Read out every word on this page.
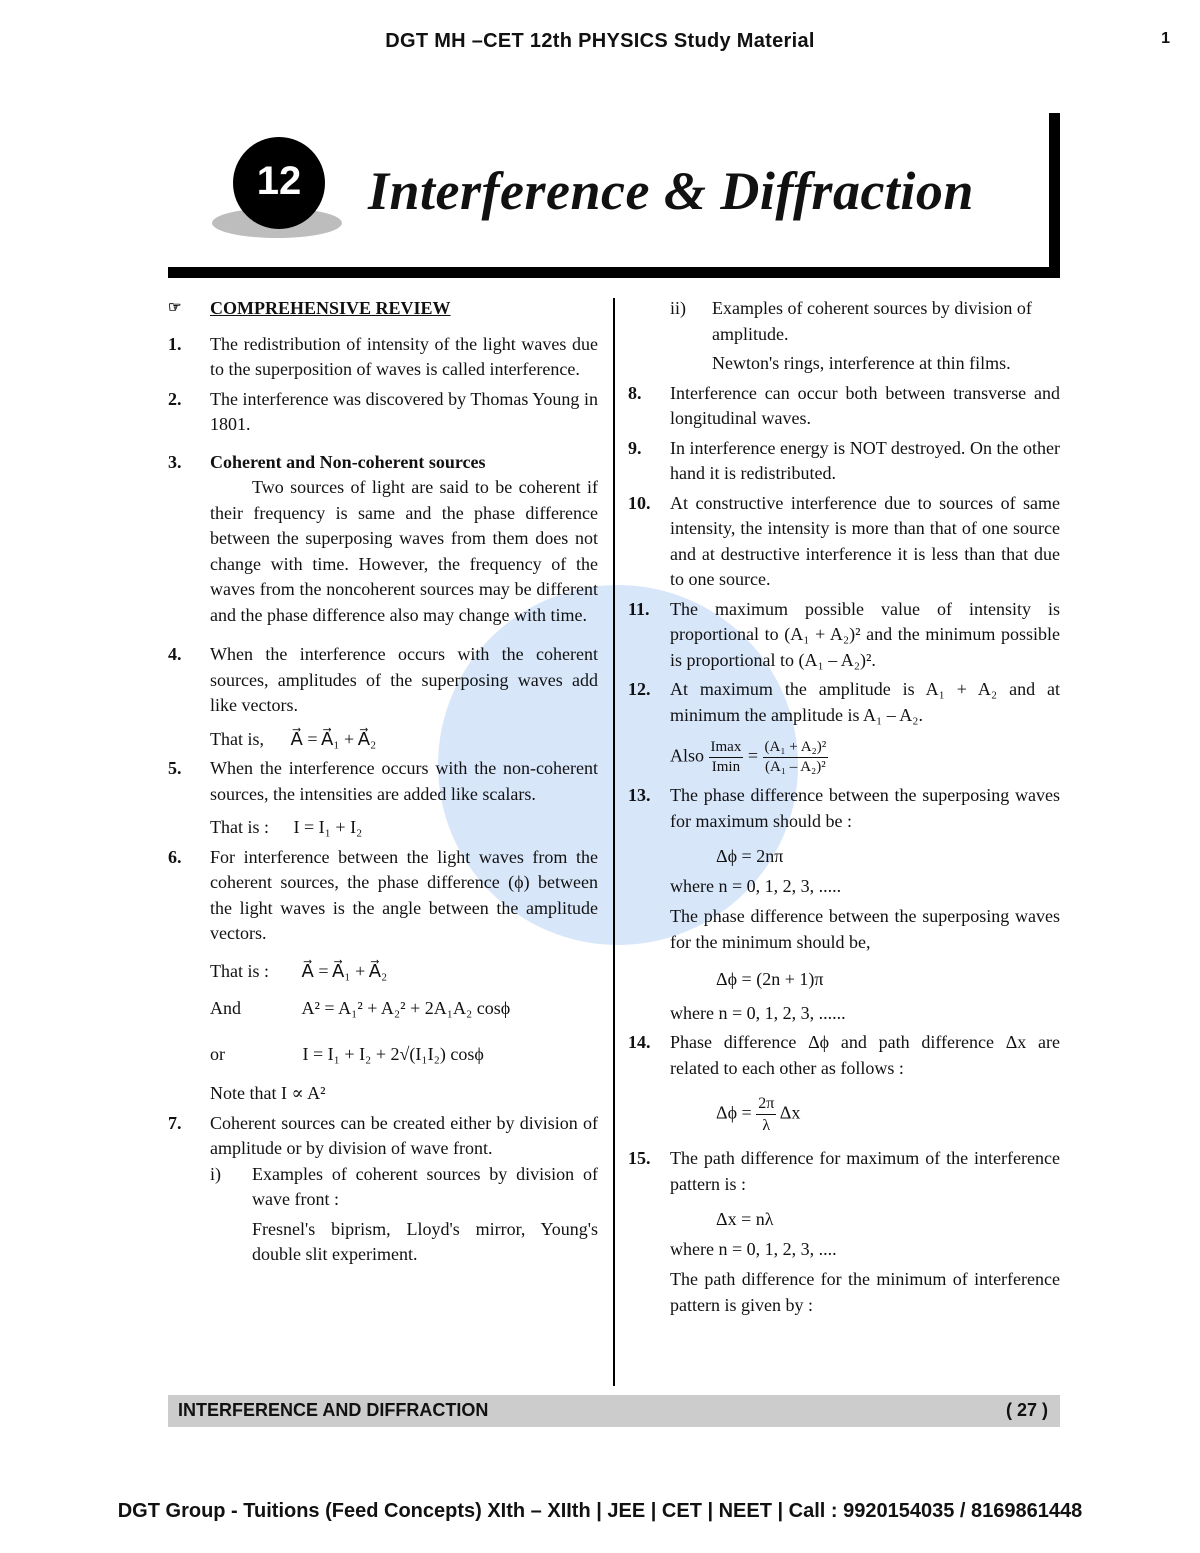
DGT MH –CET 12th PHYSICS Study Material	1
12	Interference & Diffraction
☞ COMPREHENSIVE REVIEW
1. The redistribution of intensity of the light waves due to the superposition of waves is called interference.
2. The interference was discovered by Thomas Young in 1801.
3. Coherent and Non-coherent sources
Two sources of light are said to be coherent if their frequency is same and the phase difference between the superposing waves from them does not change with time. However, the frequency of the waves from the noncoherent sources may be different and the phase difference also may change with time.
4. When the interference occurs with the coherent sources, amplitudes of the superposing waves add like vectors.
That is, A⃗ = A⃗₁ + A⃗₂
5. When the interference occurs with the non-coherent sources, the intensities are added like scalars.
That is : I = I₁ + I₂
6. For interference between the light waves from the coherent sources, the phase difference (ϕ) between the light waves is the angle between the amplitude vectors.
That is : A⃗ = A⃗₁ + A⃗₂
And	A² = A₁² + A₂² + 2A₁A₂ cosϕ
or	I = I₁ + I₂ + 2√(I₁I₂) cosϕ
Note that I ∝ A²
7. Coherent sources can be created either by division of amplitude or by division of wave front.
i) Examples of coherent sources by division of wave front :
Fresnel's biprism, Lloyd's mirror, Young's double slit experiment.
ii) Examples of coherent sources by division of amplitude.
Newton's rings, interference at thin films.
8. Interference can occur both between transverse and longitudinal waves.
9. In interference energy is NOT destroyed. On the other hand it is redistributed.
10. At constructive interference due to sources of same intensity, the intensity is more than that of one source and at destructive interference it is less than that due to one source.
11. The maximum possible value of intensity is proportional to (A₁ + A₂)² and the minimum possible is proportional to (A₁ – A₂)².
12. At maximum the amplitude is A₁ + A₂ and at minimum the amplitude is A₁ – A₂.
Also $\frac{Imax}{Imin} = \frac{\text{(A₁ + A₂)²}}{\text{(A₁ – A₂)²}}$
13. The phase difference between the superposing waves for maximum should be :
Δϕ = 2nπ
where n = 0, 1, 2, 3, .....
The phase difference between the superposing waves for the minimum should be,
Δϕ = (2n + 1)π
where n = 0, 1, 2, 3, ......
14. Phase difference Δϕ and path difference Δx are related to each other as follows :
$\Delta\phi = \frac{2\pi}{\lambda}$ Δx
15. The path difference for maximum of the interference pattern is :
Δx = nλ
where n = 0, 1, 2, 3, ....
The path difference for the minimum of interference pattern is given by :
INTERFERENCE AND DIFFRACTION	( 27 )
DGT Group - Tuitions (Feed Concepts) XIth – XIIth | JEE | CET | NEET | Call : 9920154035 / 8169861448
